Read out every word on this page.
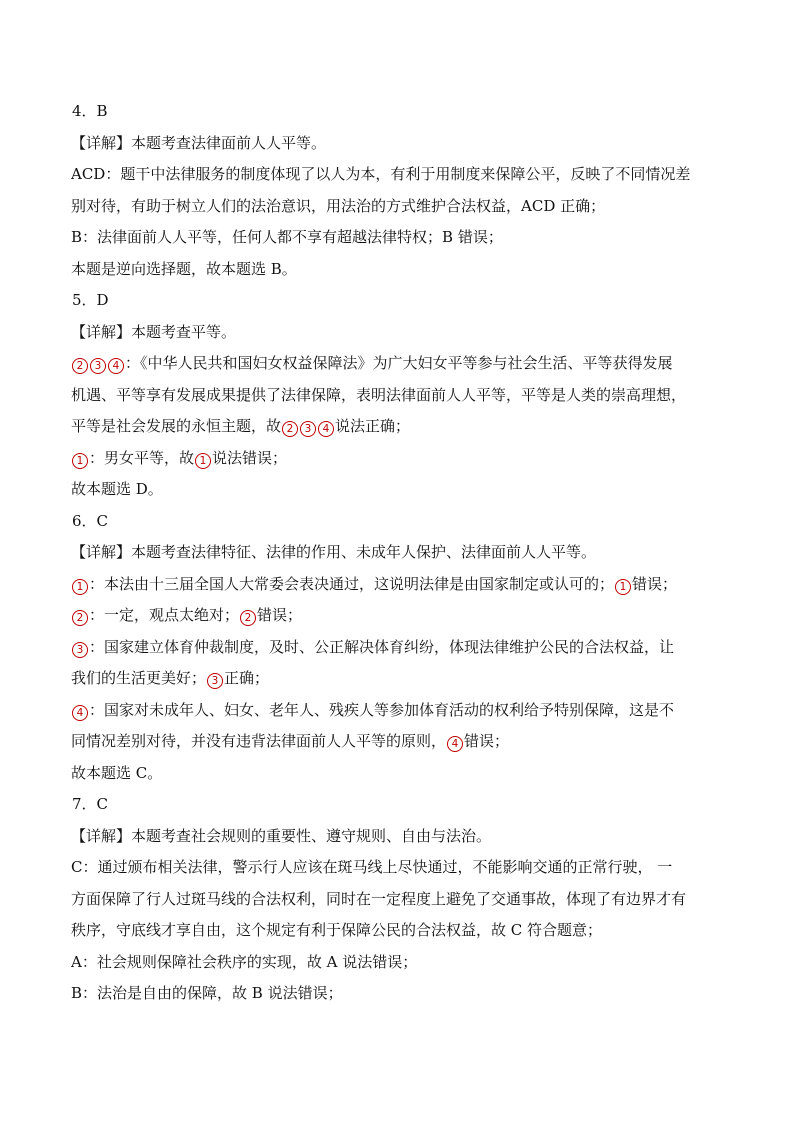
4．B
【详解】本题考查法律面前人人平等。
ACD：题干中法律服务的制度体现了以人为本，有利于用制度来保障公平，反映了不同情况差
别对待，有助于树立人们的法治意识，用法治的方式维护合法权益，ACD 正确；
B：法律面前人人平等，任何人都不享有超越法律特权；B 错误；
本题是逆向选择题，故本题选 B。
5．D
【详解】本题考查平等。
2 3 4 ：《中华人民共和国妇女权益保障法》为广大妇女平等参与社会生活、平等获得发展
机遇、平等享有发展成果提供了法律保障，表明法律面前人人平等，平等是人类的崇高理想，
平等是社会发展的永恒主题，故 2 3 4 说法正确；
1 ：男女平等，故 1 说法错误；
故本题选 D。
6．C
【详解】本题考查法律特征、法律的作用、未成年人保护、法律面前人人平等。
1 ：本法由十三届全国人大常委会表决通过，这说明法律是由国家制定或认可的； 1 错误；
2 ：一定，观点太绝对； 2 错误；
3 ：国家建立体育仲裁制度，及时、公正解决体育纠纷，体现法律维护公民的合法权益，让
我们的生活更美好； 3 正确；
4 ：国家对未成年人、妇女、老年人、残疾人等参加体育活动的权利给予特别保障，这是不
同情况差别对待，并没有违背法律面前人人平等的原则， 4 错误；
故本题选 C。
7．C
【详解】本题考查社会规则的重要性、遵守规则、自由与法治。
C：通过颁布相关法律，警示行人应该在斑马线上尽快通过，不能影响交通的正常行驶， 一
方面保障了行人过斑马线的合法权利，同时在一定程度上避免了交通事故，体现了有边界才有
秩序，守底线才享自由，这个规定有利于保障公民的合法权益，故 C 符合题意；
A：社会规则保障社会秩序的实现，故 A 说法错误；
B：法治是自由的保障，故 B 说法错误；
